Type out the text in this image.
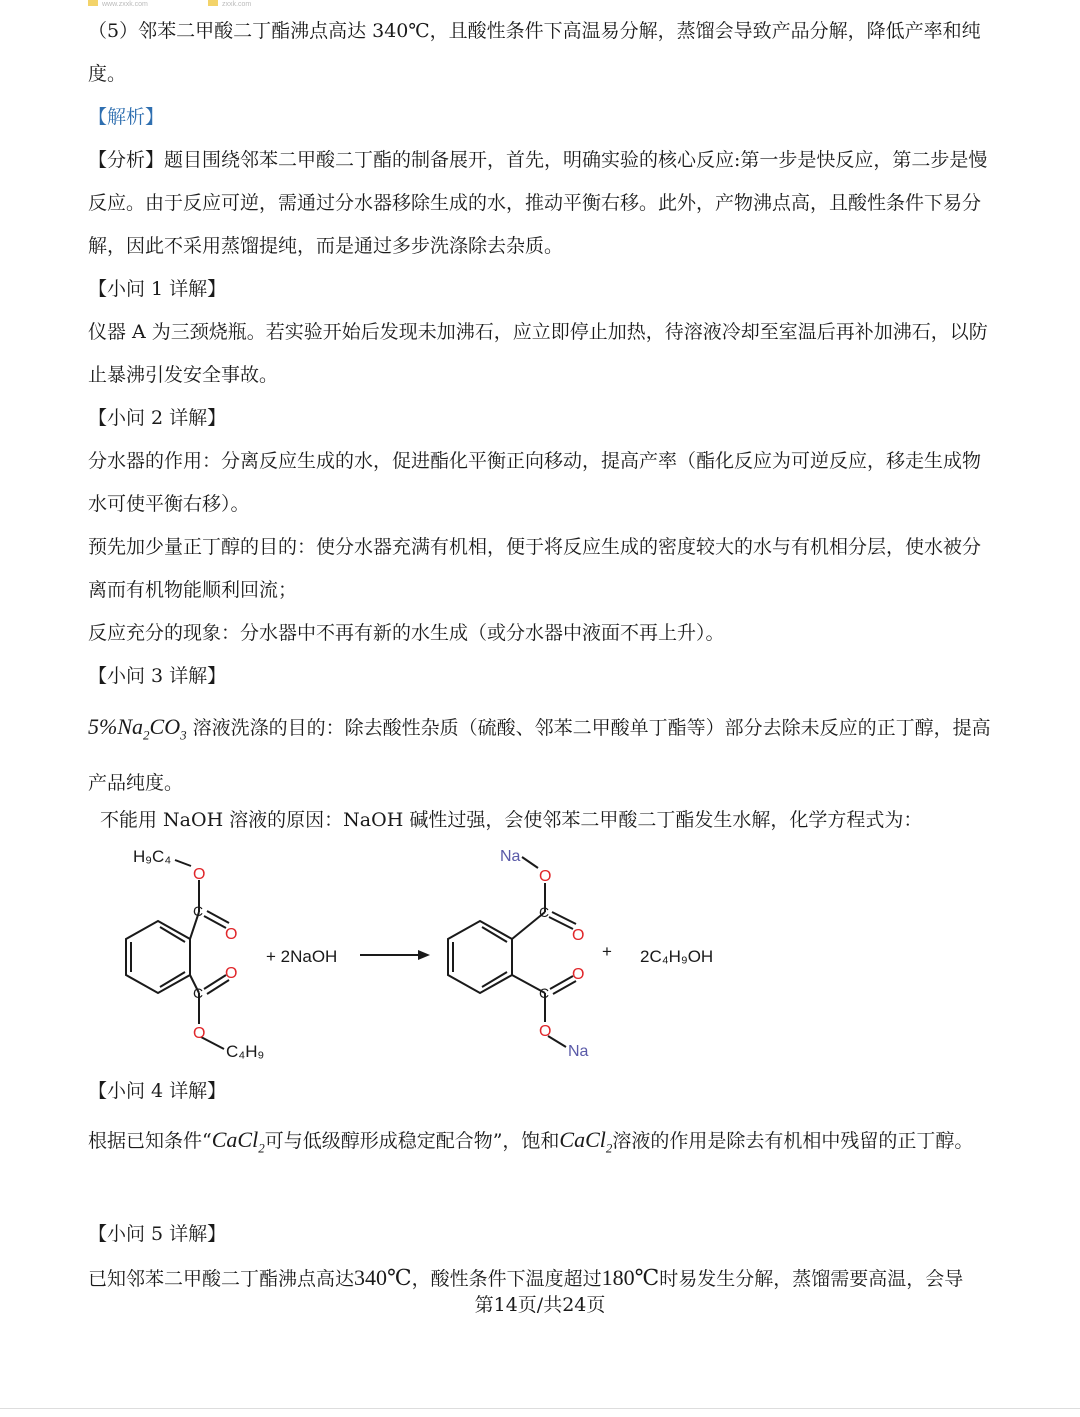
www.zxxk.com	zxxk.com

（5）邻苯二甲酸二丁酯沸点高达 340℃，且酸性条件下高温易分解，蒸馏会导致产品分解，降低产率和纯度。

【解析】

【分析】题目围绕邻苯二甲酸二丁酯的制备展开，首先，明确实验的核心反应:第一步是快反应，第二步是慢反应。由于反应可逆，需通过分水器移除生成的水，推动平衡右移。此外，产物沸点高，且酸性条件下易分解，因此不采用蒸馏提纯，而是通过多步洗涤除去杂质。

【小问 1 详解】

仪器 A 为三颈烧瓶。若实验开始后发现未加沸石，应立即停止加热，待溶液冷却至室温后再补加沸石，以防止暴沸引发安全事故。

【小问 2 详解】

分水器的作用：分离反应生成的水，促进酯化平衡正向移动，提高产率（酯化反应为可逆反应，移走生成物水可使平衡右移）。

预先加少量正丁醇的目的：使分水器充满有机相，便于将反应生成的密度较大的水与有机相分层，使水被分离而有机物能顺利回流；

反应充分的现象：分水器中不再有新的水生成（或分水器中液面不再上升）。

【小问 3 详解】

$5\%Na_2CO_3$ 溶液洗涤的目的：除去酸性杂质（硫酸、邻苯二甲酸单丁酯等）部分去除未反应的正丁醇，提高产品纯度。

不能用 NaOH 溶液的原因：NaOH 碱性过强，会使邻苯二甲酸二丁酯发生水解，化学方程式为：

H₉C₄
C₄H₉
+ 2NaOH	+ 2C₄H₉OH
O
O
O
O
O
O
O
O
Na
Na
C
C
C
C

【小问 4 详解】

根据已知条件“CaCl$_2$可与低级醇形成稳定配合物”，饱和CaCl$_2$溶液的作用是除去有机相中残留的正丁醇。

【小问 5 详解】

已知邻苯二甲酸二丁酯沸点高达340℃，酸性条件下温度超过180℃时易发生分解，蒸馏需要高温，会导

第14页/共24页
